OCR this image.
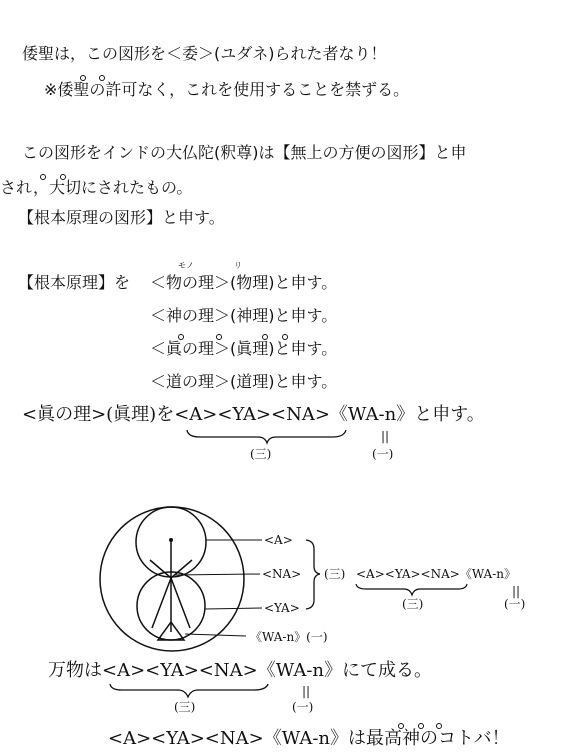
倭聖は，この図形を＜委＞(ユダネ)られた者なり！
※倭聖の許可なく，これを使用することを禁ずる。
この図形をインドの大仏陀(釈尊)は【無上の方便の図形】と申
され，大切にされたもの。
【根本原理の図形】と申す。
モノ	リ
【根本原理】を ＜物の理＞(物理)と申す。
＜神の理＞(神理)と申す。
＜眞の理＞(眞理)と申す。
＜道の理＞(道理)と申す。
<眞の理>(眞理)を<A><YA><NA>《WA-n》と申す。
(三)
||
(一)
<A>
<NA>
<YA>
《WA-n》(一)
(三) <A><YA><NA>《WA-n》
(三)
||
(一)
万物は<A><YA><NA>《WA-n》にて成る。
(三)
||
(一)
<A><YA><NA>《WA-n》は最高神のコトバ！
